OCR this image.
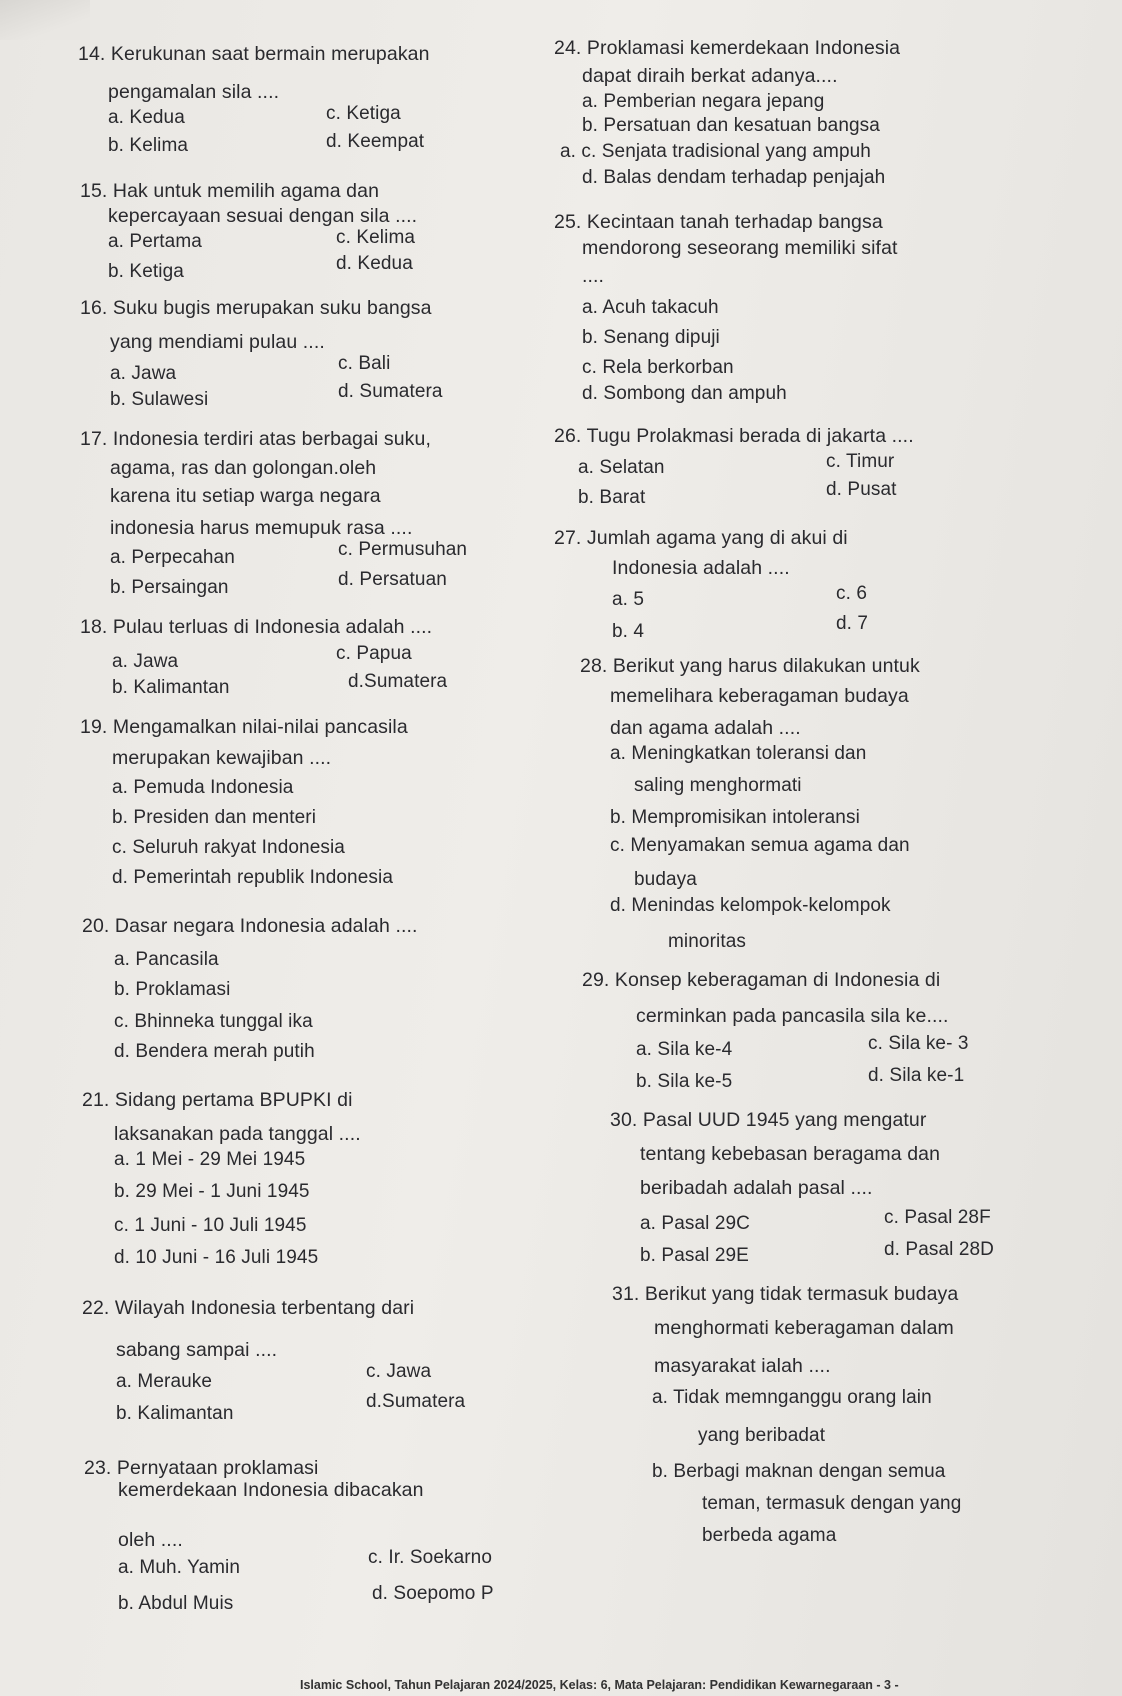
14. Kerukunan saat bermain merupakan
pengamalan sila ....
a. Kedua
b. Kelima
c. Ketiga
d. Keempat
15. Hak untuk memilih agama dan
kepercayaan sesuai dengan sila ....
a. Pertama
b. Ketiga
c. Kelima
d. Kedua
16. Suku bugis merupakan suku bangsa
yang mendiami pulau ....
a. Jawa
b. Sulawesi
c. Bali
d. Sumatera
17. Indonesia terdiri atas berbagai suku,
agama, ras dan golongan.oleh
karena itu setiap warga negara
indonesia harus memupuk rasa ....
a. Perpecahan
b. Persaingan
c. Permusuhan
d. Persatuan
18. Pulau terluas di Indonesia adalah ....
a. Jawa
b. Kalimantan
c. Papua
d.Sumatera
19. Mengamalkan nilai-nilai pancasila
merupakan kewajiban ....
a. Pemuda Indonesia
b. Presiden dan menteri
c. Seluruh rakyat Indonesia
d. Pemerintah republik Indonesia
20. Dasar negara Indonesia adalah ....
a. Pancasila
b. Proklamasi
c. Bhinneka tunggal ika
d. Bendera merah putih
21. Sidang pertama BPUPKI di
laksanakan pada tanggal ....
a. 1 Mei - 29 Mei 1945
b. 29 Mei - 1 Juni 1945
c. 1 Juni - 10 Juli 1945
d. 10 Juni - 16 Juli 1945
22. Wilayah Indonesia terbentang dari
sabang sampai ....
a. Merauke
b. Kalimantan
c. Jawa
d.Sumatera
23. Pernyataan proklamasi
kemerdekaan Indonesia dibacakan
oleh ....
a. Muh. Yamin
b. Abdul Muis
c. Ir. Soekarno
d. Soepomo P
24. Proklamasi kemerdekaan Indonesia
dapat diraih berkat adanya....
a. Pemberian negara jepang
b. Persatuan dan kesatuan bangsa
a. c. Senjata tradisional yang ampuh
d. Balas dendam terhadap penjajah
25. Kecintaan tanah terhadap bangsa
mendorong seseorang memiliki sifat
....
a. Acuh takacuh
b. Senang dipuji
c. Rela berkorban
d. Sombong dan ampuh
26. Tugu Prolakmasi berada di jakarta ....
a. Selatan
b. Barat
c. Timur
d. Pusat
27. Jumlah agama yang di akui di
Indonesia adalah ....
a. 5
b. 4
c. 6
d. 7
28. Berikut yang harus dilakukan untuk
memelihara keberagaman budaya
dan agama adalah ....
a. Meningkatkan toleransi dan
saling menghormati
b. Mempromisikan intoleransi
c. Menyamakan semua agama dan
budaya
d. Menindas kelompok-kelompok
minoritas
29. Konsep keberagaman di Indonesia di
cerminkan pada pancasila sila ke....
a. Sila ke-4
b. Sila ke-5
c. Sila ke- 3
d. Sila ke-1
30. Pasal UUD 1945 yang mengatur
tentang kebebasan beragama dan
beribadah adalah pasal ....
a. Pasal 29C
b. Pasal 29E
c. Pasal 28F
d. Pasal 28D
31. Berikut yang tidak termasuk budaya
menghormati keberagaman dalam
masyarakat ialah ....
a. Tidak memnganggu orang lain
yang beribadat
b. Berbagi maknan dengan semua
teman, termasuk dengan yang
berbeda agama
Islamic School, Tahun Pelajaran 2024/2025, Kelas: 6, Mata Pelajaran: Pendidikan Kewarnegaraan - 3 -
